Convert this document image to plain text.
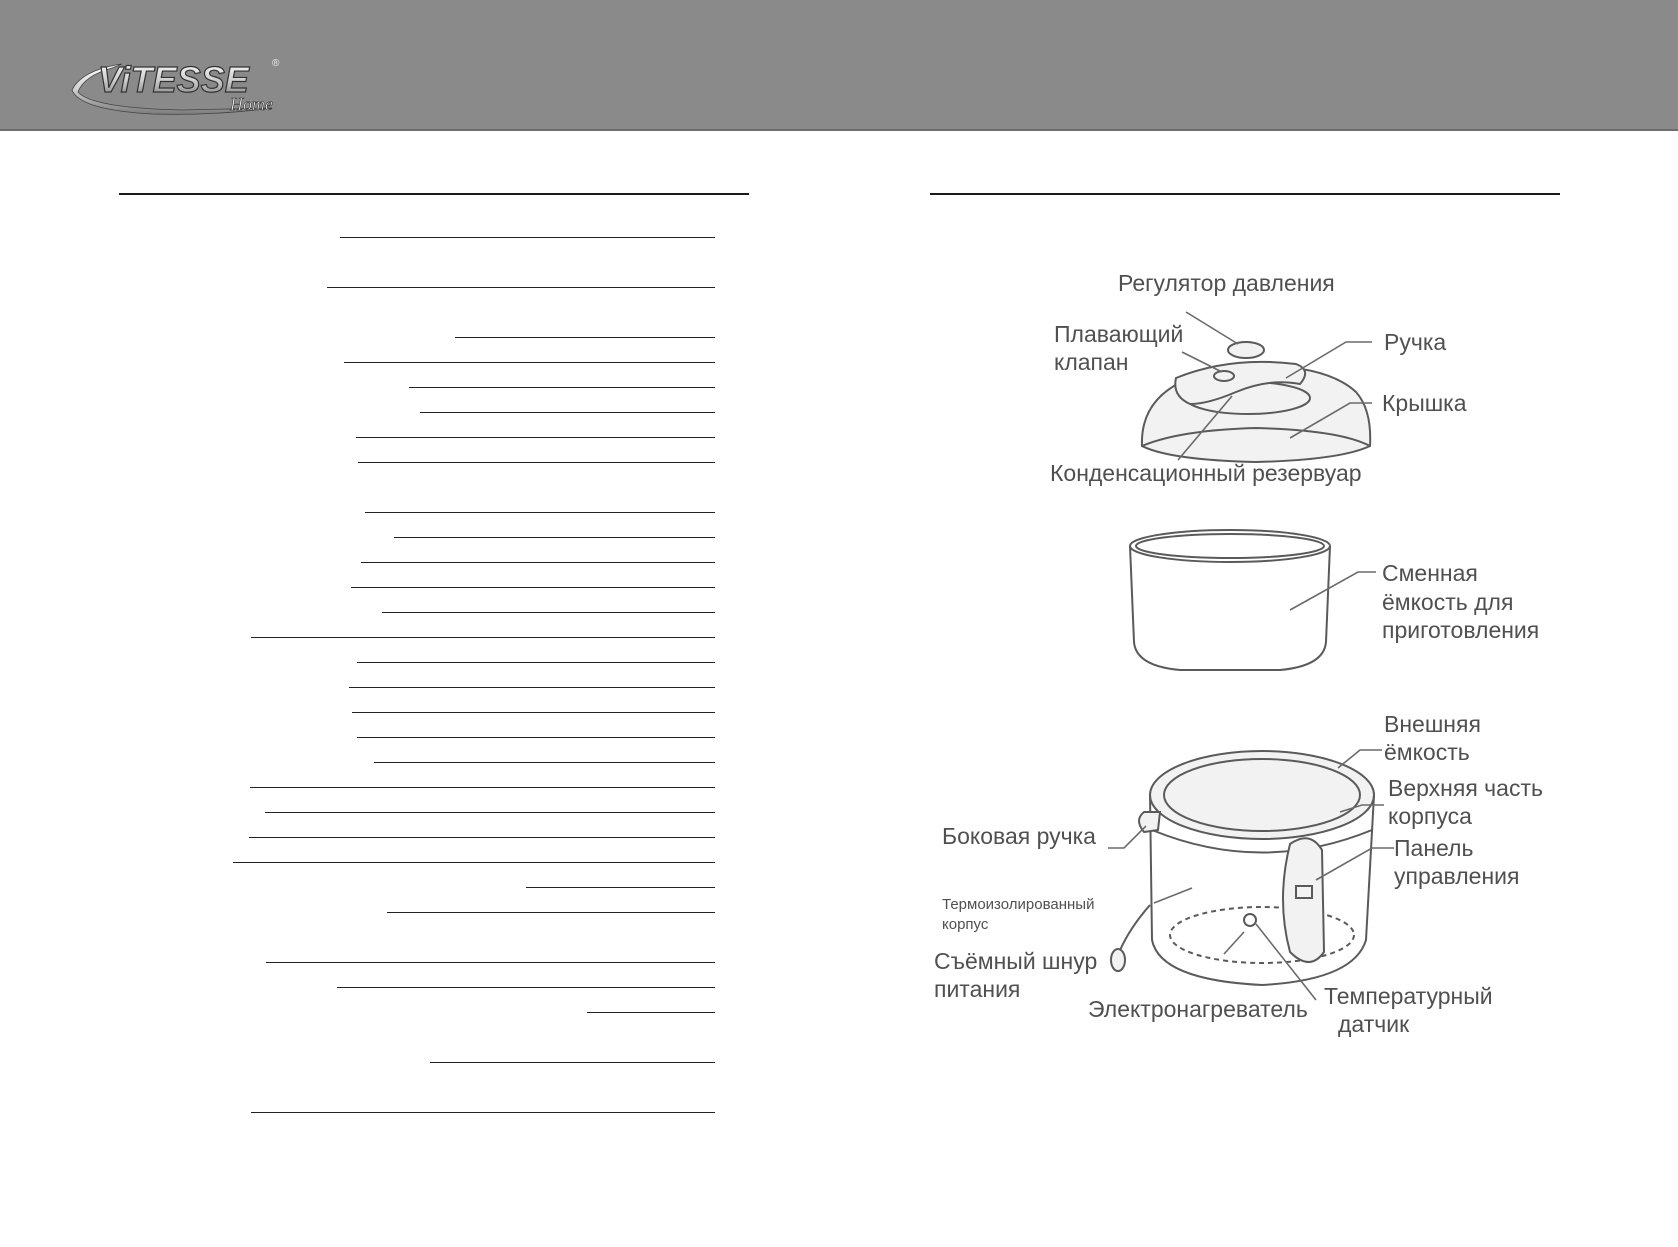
ViTESSE ®
Home
Регулятор давления
Плавающий
клапан
Ручка
Крышка
Конденсационный резервуар
Сменная
ёмкость для
приготовления
Внешняя
ёмкость
Верхняя часть
корпуса
Боковая ручка	Панель
управления
Термоизолированный
корпус
Съёмный шнур
питания
Электронагреватель Температурный
датчик
